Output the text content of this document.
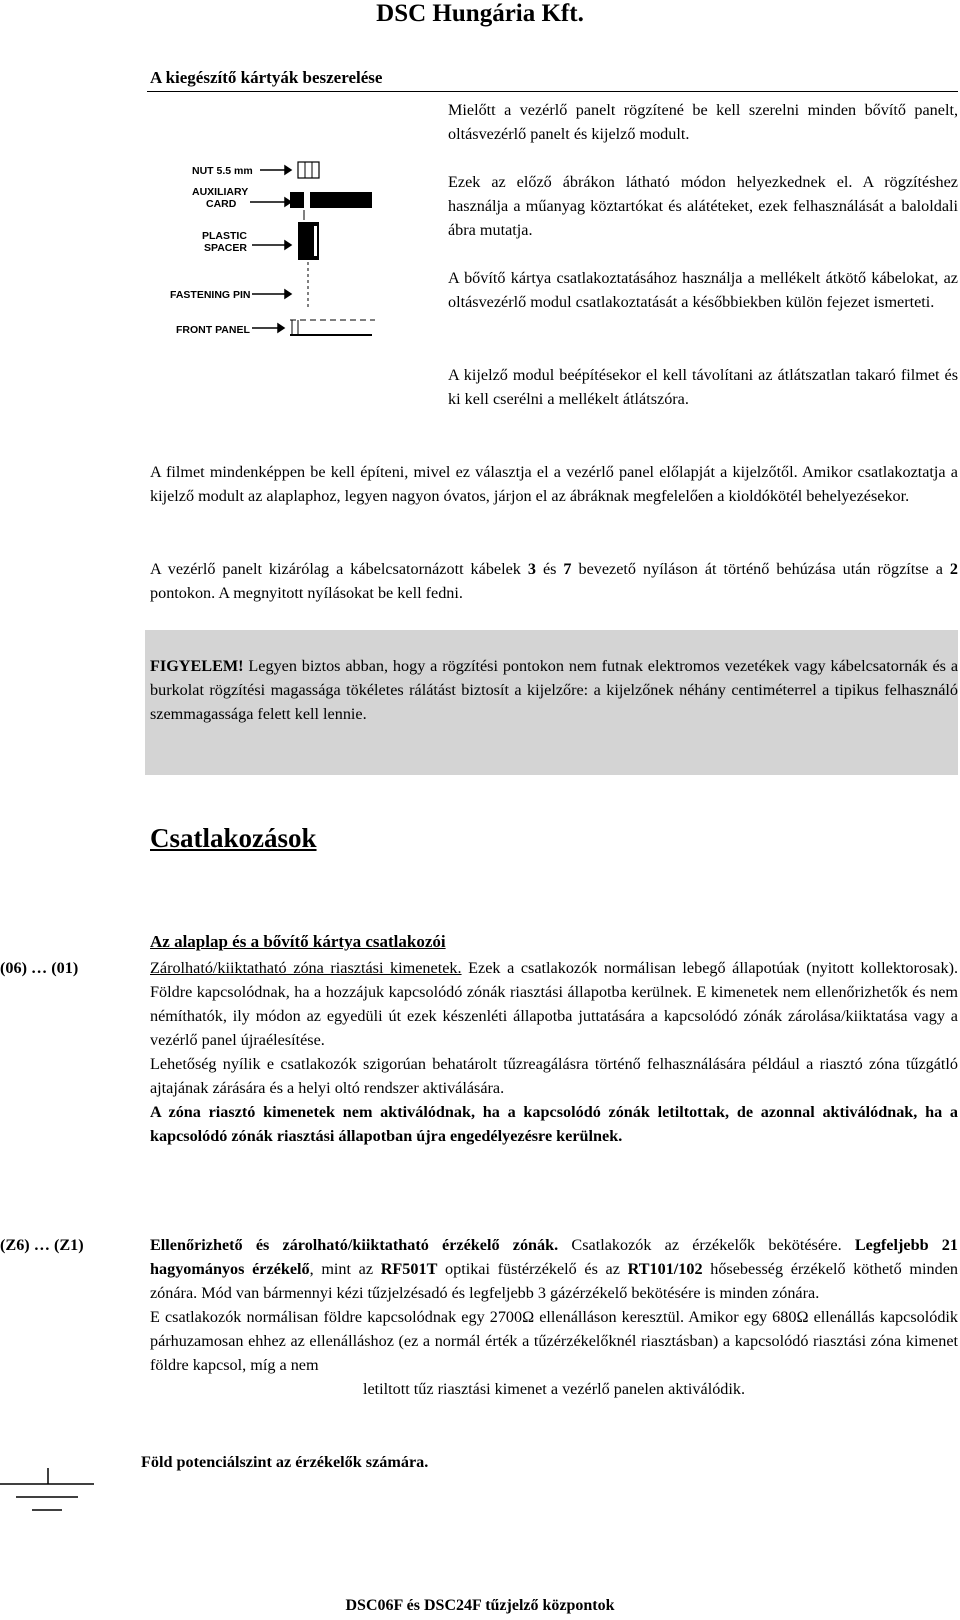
DSC Hungária Kft.
A kiegészítő kártyák beszerelése
NUT 5.5 mm
AUXILIARY
CARD
PLASTIC
SPACER
FASTENING PIN
FRONT PANEL
Mielőtt a vezérlő panelt rögzítené be kell szerelni minden bővítő panelt, oltásvezérlő panelt és kijelző modult.
Ezek az előző ábrákon látható módon helyezkednek el. A rögzítéshez használja a műanyag köztartókat és alátéteket, ezek felhasználását a baloldali ábra mutatja.
A bővítő kártya csatlakoztatásához használja a mellékelt átkötő kábelokat, az oltásvezérlő modul csatlakoztatását a későbbiekben külön fejezet ismerteti.
A kijelző modul beépítésekor el kell távolítani az átlátszatlan takaró filmet és ki kell cserélni a mellékelt átlátszóra.
A filmet mindenképpen be kell építeni, mivel ez választja el a vezérlő panel előlapját a kijelzőtől. Amikor csatlakoztatja a kijelző modult az alaplaphoz, legyen nagyon óvatos, járjon el az ábráknak megfelelően a kioldókötél behelyezésekor.
A vezérlő panelt kizárólag a kábelcsatornázott kábelek 3 és 7 bevezető nyíláson át történő behúzása után rögzítse a 2 pontokon. A megnyitott nyílásokat be kell fedni.
FIGYELEM! Legyen biztos abban, hogy a rögzítési pontokon nem futnak elektromos vezetékek vagy kábelcsatornák és a burkolat rögzítési magassága tökéletes rálátást biztosít a kijelzőre: a kijelzőnek néhány centiméterrel a tipikus felhasználó szemmagassága felett kell lennie.
Csatlakozások
Az alaplap és a bővítő kártya csatlakozói
(06) … (01)	Zárolható/kiiktatható zóna riasztási kimenetek. Ezek a csatlakozók normálisan lebegő állapotúak (nyitott kollektorosak). Földre kapcsolódnak, ha a hozzájuk kapcsolódó zónák riasztási állapotba kerülnek. E kimenetek nem ellenőrizhetők és nem némíthatók, ily módon az egyedüli út ezek készenléti állapotba juttatására a kapcsolódó zónák zárolása/kiiktatása vagy a vezérlő panel újraélesítése.
Lehetőség nyílik e csatlakozók szigorúan behatárolt tűzreagálásra történő felhasználására például a riasztó zóna tűzgátló ajtajának zárására és a helyi oltó rendszer aktiválására.
A zóna riasztó kimenetek nem aktiválódnak, ha a kapcsolódó zónák letiltottak, de azonnal aktiválódnak, ha a kapcsolódó zónák riasztási állapotban újra engedélyezésre kerülnek.
(Z6) … (Z1)	Ellenőrizhető és zárolható/kiiktatható érzékelő zónák. Csatlakozók az érzékelők bekötésére. Legfeljebb 21 hagyományos érzékelő, mint az RF501T optikai füstérzékelő és az RT101/102 hősebesség érzékelő köthető minden zónára. Mód van bármennyi kézi tűzjelzésadó és legfeljebb 3 gázérzékelő bekötésére is minden zónára.
E csatlakozók normálisan földre kapcsolódnak egy 2700Ω ellenálláson keresztül. Amikor egy 680Ω ellenállás kapcsolódik párhuzamosan ehhez az ellenálláshoz (ez a normál érték a tűzérzékelőknél riasztásban) a kapcsolódó riasztási zóna kimenet földre kapcsol, míg a nem
letiltott tűz riasztási kimenet a vezérlő panelen aktiválódik.
Föld potenciálszint az érzékelők számára.
DSC06F és DSC24F tűzjelző központok
